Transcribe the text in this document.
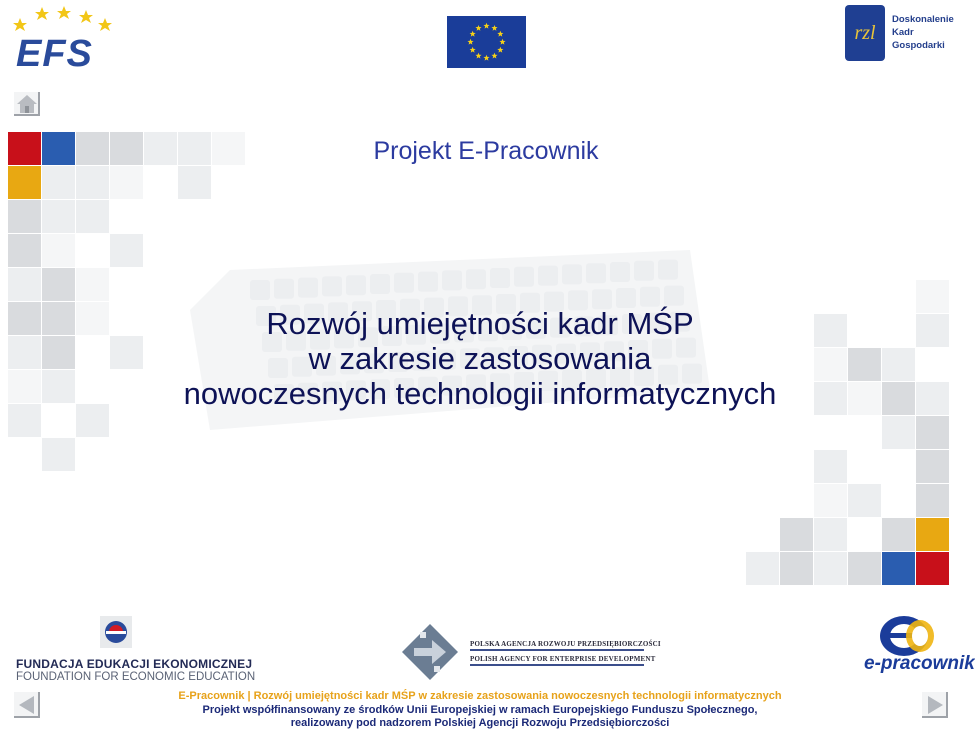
EFS	rzl
Doskonalenie
Kadr
Gospodarki
Projekt E-Pracownik
Rozwój umiejętności kadr MŚP
w zakresie zastosowania
nowoczesnych technologii informatycznych
FUNDACJA EDUKACJI EKONOMICZNEJ
FOUNDATION FOR ECONOMIC EDUCATION
POLSKA AGENCJA ROZWOJU PRZEDSIĘBIORCZOŚCI
POLISH AGENCY FOR ENTERPRISE DEVELOPMENT	e-pracownik
E-Pracownik | Rozwój umiejętności kadr MŚP w zakresie zastosowania nowoczesnych technologii informatycznych
Projekt współfinansowany ze środków Unii Europejskiej w ramach Europejskiego Funduszu Społecznego,
realizowany pod nadzorem Polskiej Agencji Rozwoju Przedsiębiorczości
